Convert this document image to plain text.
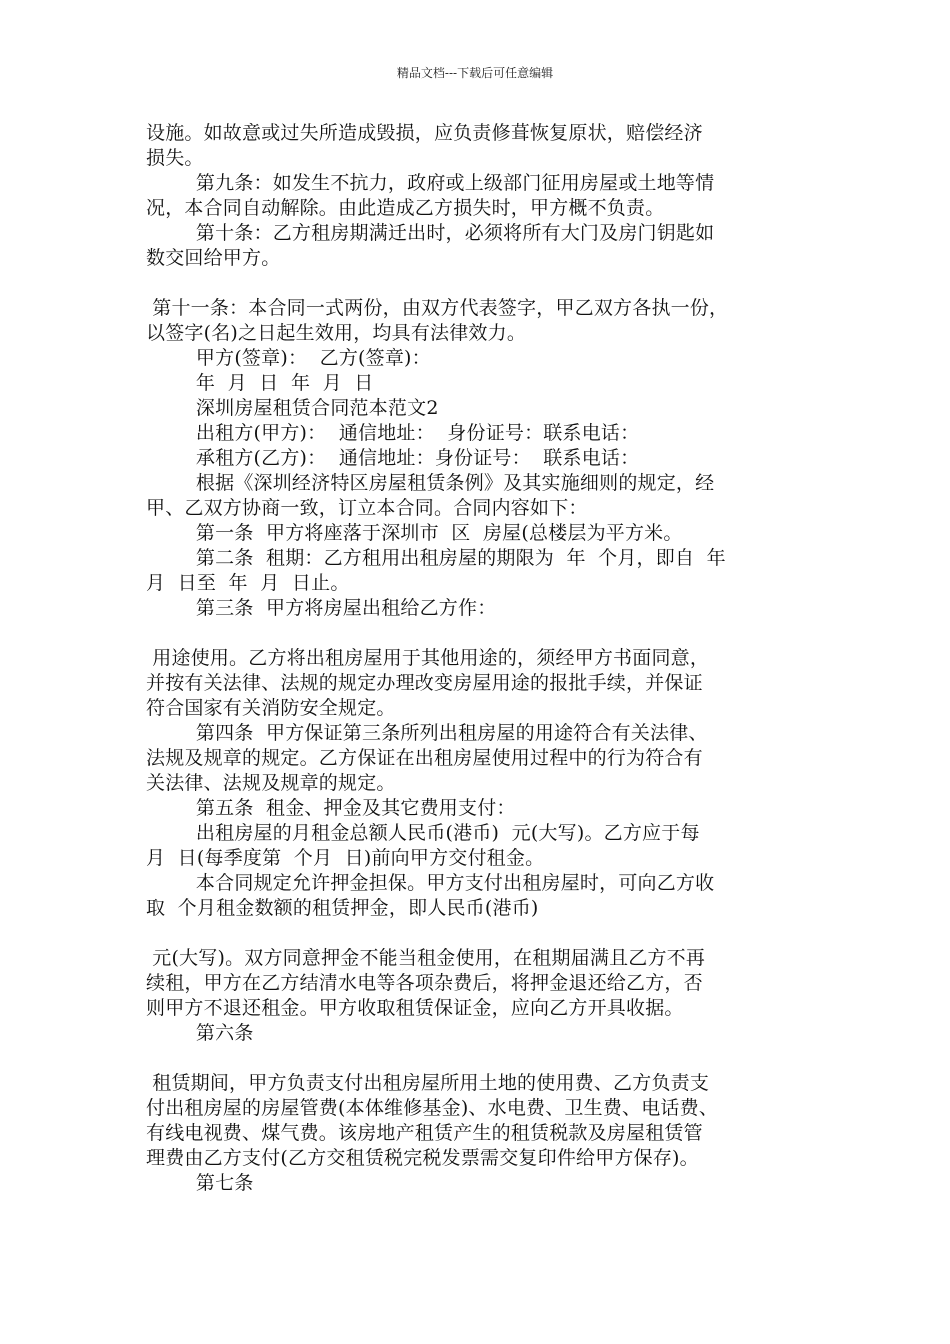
精品文档---下载后可任意编辑
设施。如故意或过失所造成毁损，应负责修葺恢复原状，赔偿经济
损失。
第九条：如发生不抗力，政府或上级部门征用房屋或土地等情
况，本合同自动解除。由此造成乙方损失时，甲方概不负责。
第十条：乙方租房期满迁出时，必须将所有大门及房门钥匙如
数交回给甲方。
第十一条：本合同一式两份，由双方代表签字，甲乙双方各执一份，
以签字(名)之日起生效用，均具有法律效力。
甲方(签章)：  乙方(签章)：
年  月  日  年  月  日
深圳房屋租赁合同范本范文2
出租方(甲方)：  通信地址：  身份证号：联系电话：
承租方(乙方)：  通信地址：身份证号：  联系电话：
根据《深圳经济特区房屋租赁条例》及其实施细则的规定，经
甲、乙双方协商一致，订立本合同。合同内容如下：
第一条  甲方将座落于深圳市  区  房屋(总楼层为平方米。
第二条  租期：乙方租用出租房屋的期限为  年  个月，即自  年
月  日至  年  月  日止。
第三条  甲方将房屋出租给乙方作：
用途使用。乙方将出租房屋用于其他用途的，须经甲方书面同意，
并按有关法律、法规的规定办理改变房屋用途的报批手续，并保证
符合国家有关消防安全规定。
第四条  甲方保证第三条所列出租房屋的用途符合有关法律、
法规及规章的规定。乙方保证在出租房屋使用过程中的行为符合有
关法律、法规及规章的规定。
第五条  租金、押金及其它费用支付：
出租房屋的月租金总额人民币(港币)  元(大写)。乙方应于每
月  日(每季度第  个月  日)前向甲方交付租金。
本合同规定允许押金担保。甲方支付出租房屋时，可向乙方收
取  个月租金数额的租赁押金，即人民币(港币)
元(大写)。双方同意押金不能当租金使用，在租期届满且乙方不再
续租，甲方在乙方结清水电等各项杂费后，将押金退还给乙方，否
则甲方不退还租金。甲方收取租赁保证金，应向乙方开具收据。
第六条
租赁期间，甲方负责支付出租房屋所用土地的使用费、乙方负责支
付出租房屋的房屋管费(本体维修基金)、水电费、卫生费、电话费、
有线电视费、煤气费。该房地产租赁产生的租赁税款及房屋租赁管
理费由乙方支付(乙方交租赁税完税发票需交复印件给甲方保存)。
第七条
